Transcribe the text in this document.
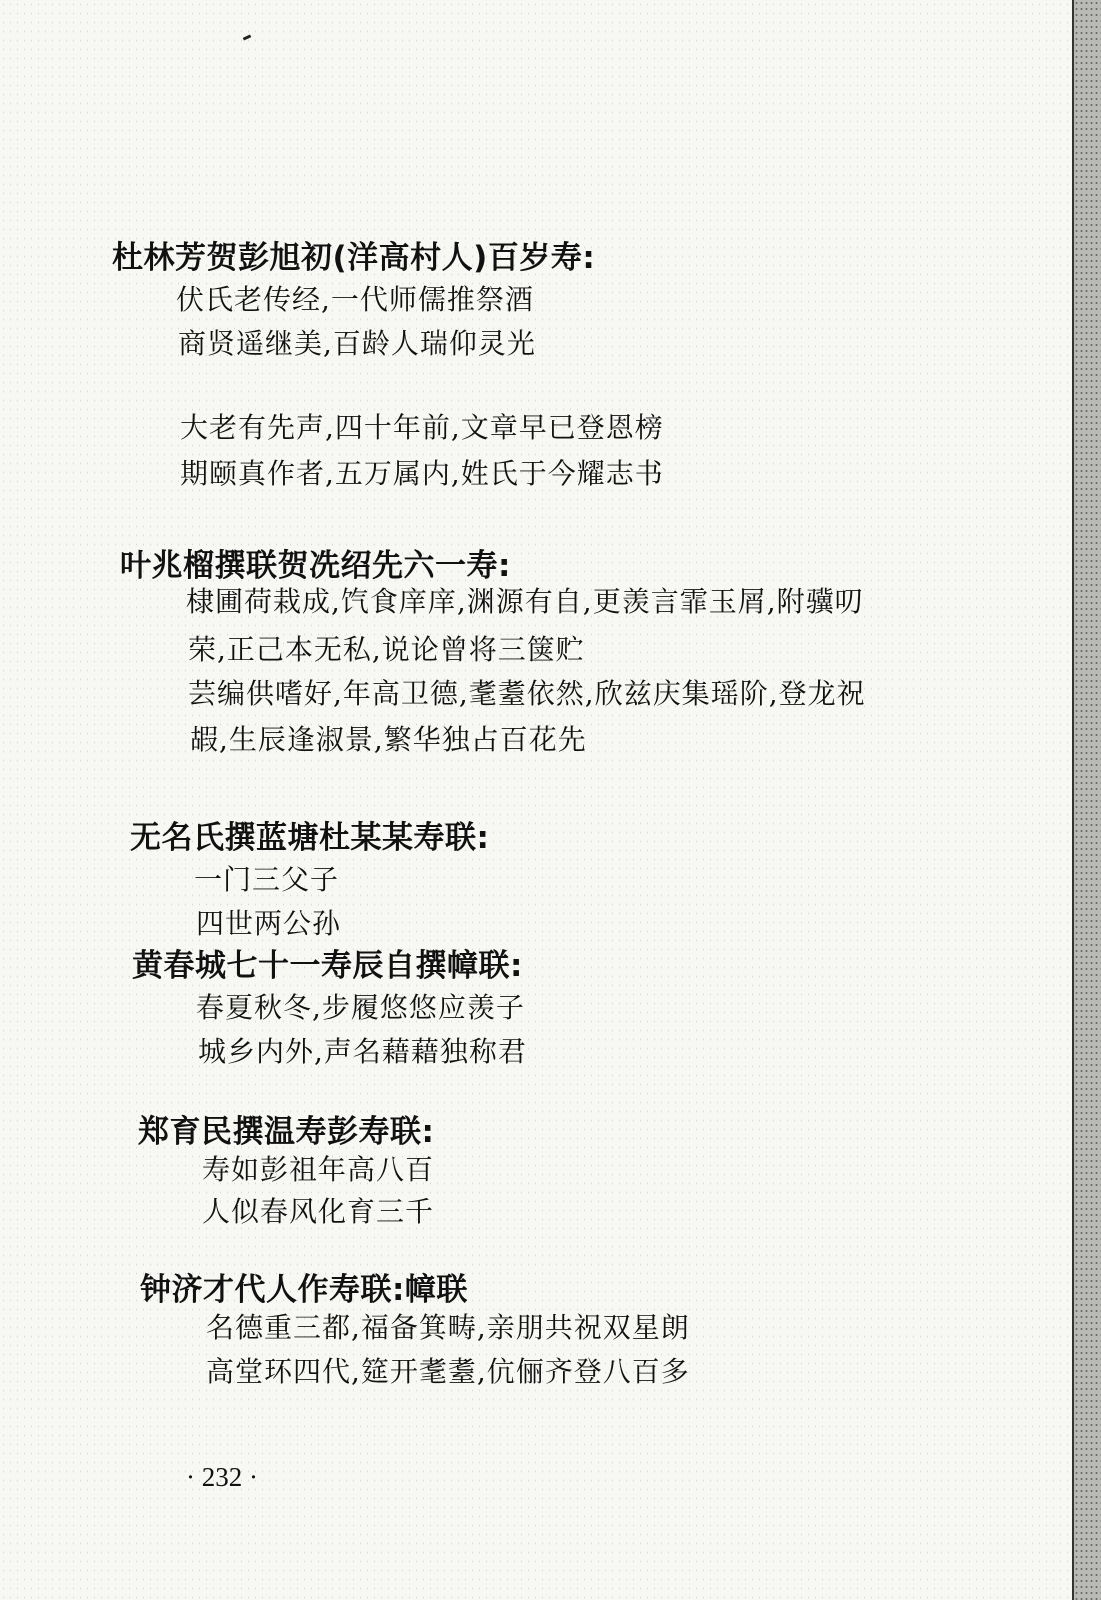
杜林芳贺彭旭初(洋高村人)百岁寿:
伏氏老传经,一代师儒推祭酒
商贤遥继美,百龄人瑞仰灵光
大老有先声,四十年前,文章早已登恩榜
期颐真作者,五万属内,姓氏于今耀志书
叶兆榴撰联贺冼绍先六一寿:
棣圃荷栽成,饩食庠庠,渊源有自,更羡言霏玉屑,附骥叨
荣,正己本无私,说论曾将三箧贮
芸编供嗜好,年高卫德,耄耋依然,欣兹庆集瑶阶,登龙祝
嘏,生辰逢淑景,繁华独占百花先
无名氏撰蓝塘杜某某寿联:
一门三父子
四世两公孙
黄春城七十一寿辰自撰幛联:
春夏秋冬,步履悠悠应羡子
城乡内外,声名藉藉独称君
郑育民撰温寿彭寿联:
寿如彭祖年高八百
人似春风化育三千
钟济才代人作寿联:幛联
名德重三都,福备箕畴,亲朋共祝双星朗
高堂环四代,筵开耄耋,伉俪齐登八百多
· 232 ·
